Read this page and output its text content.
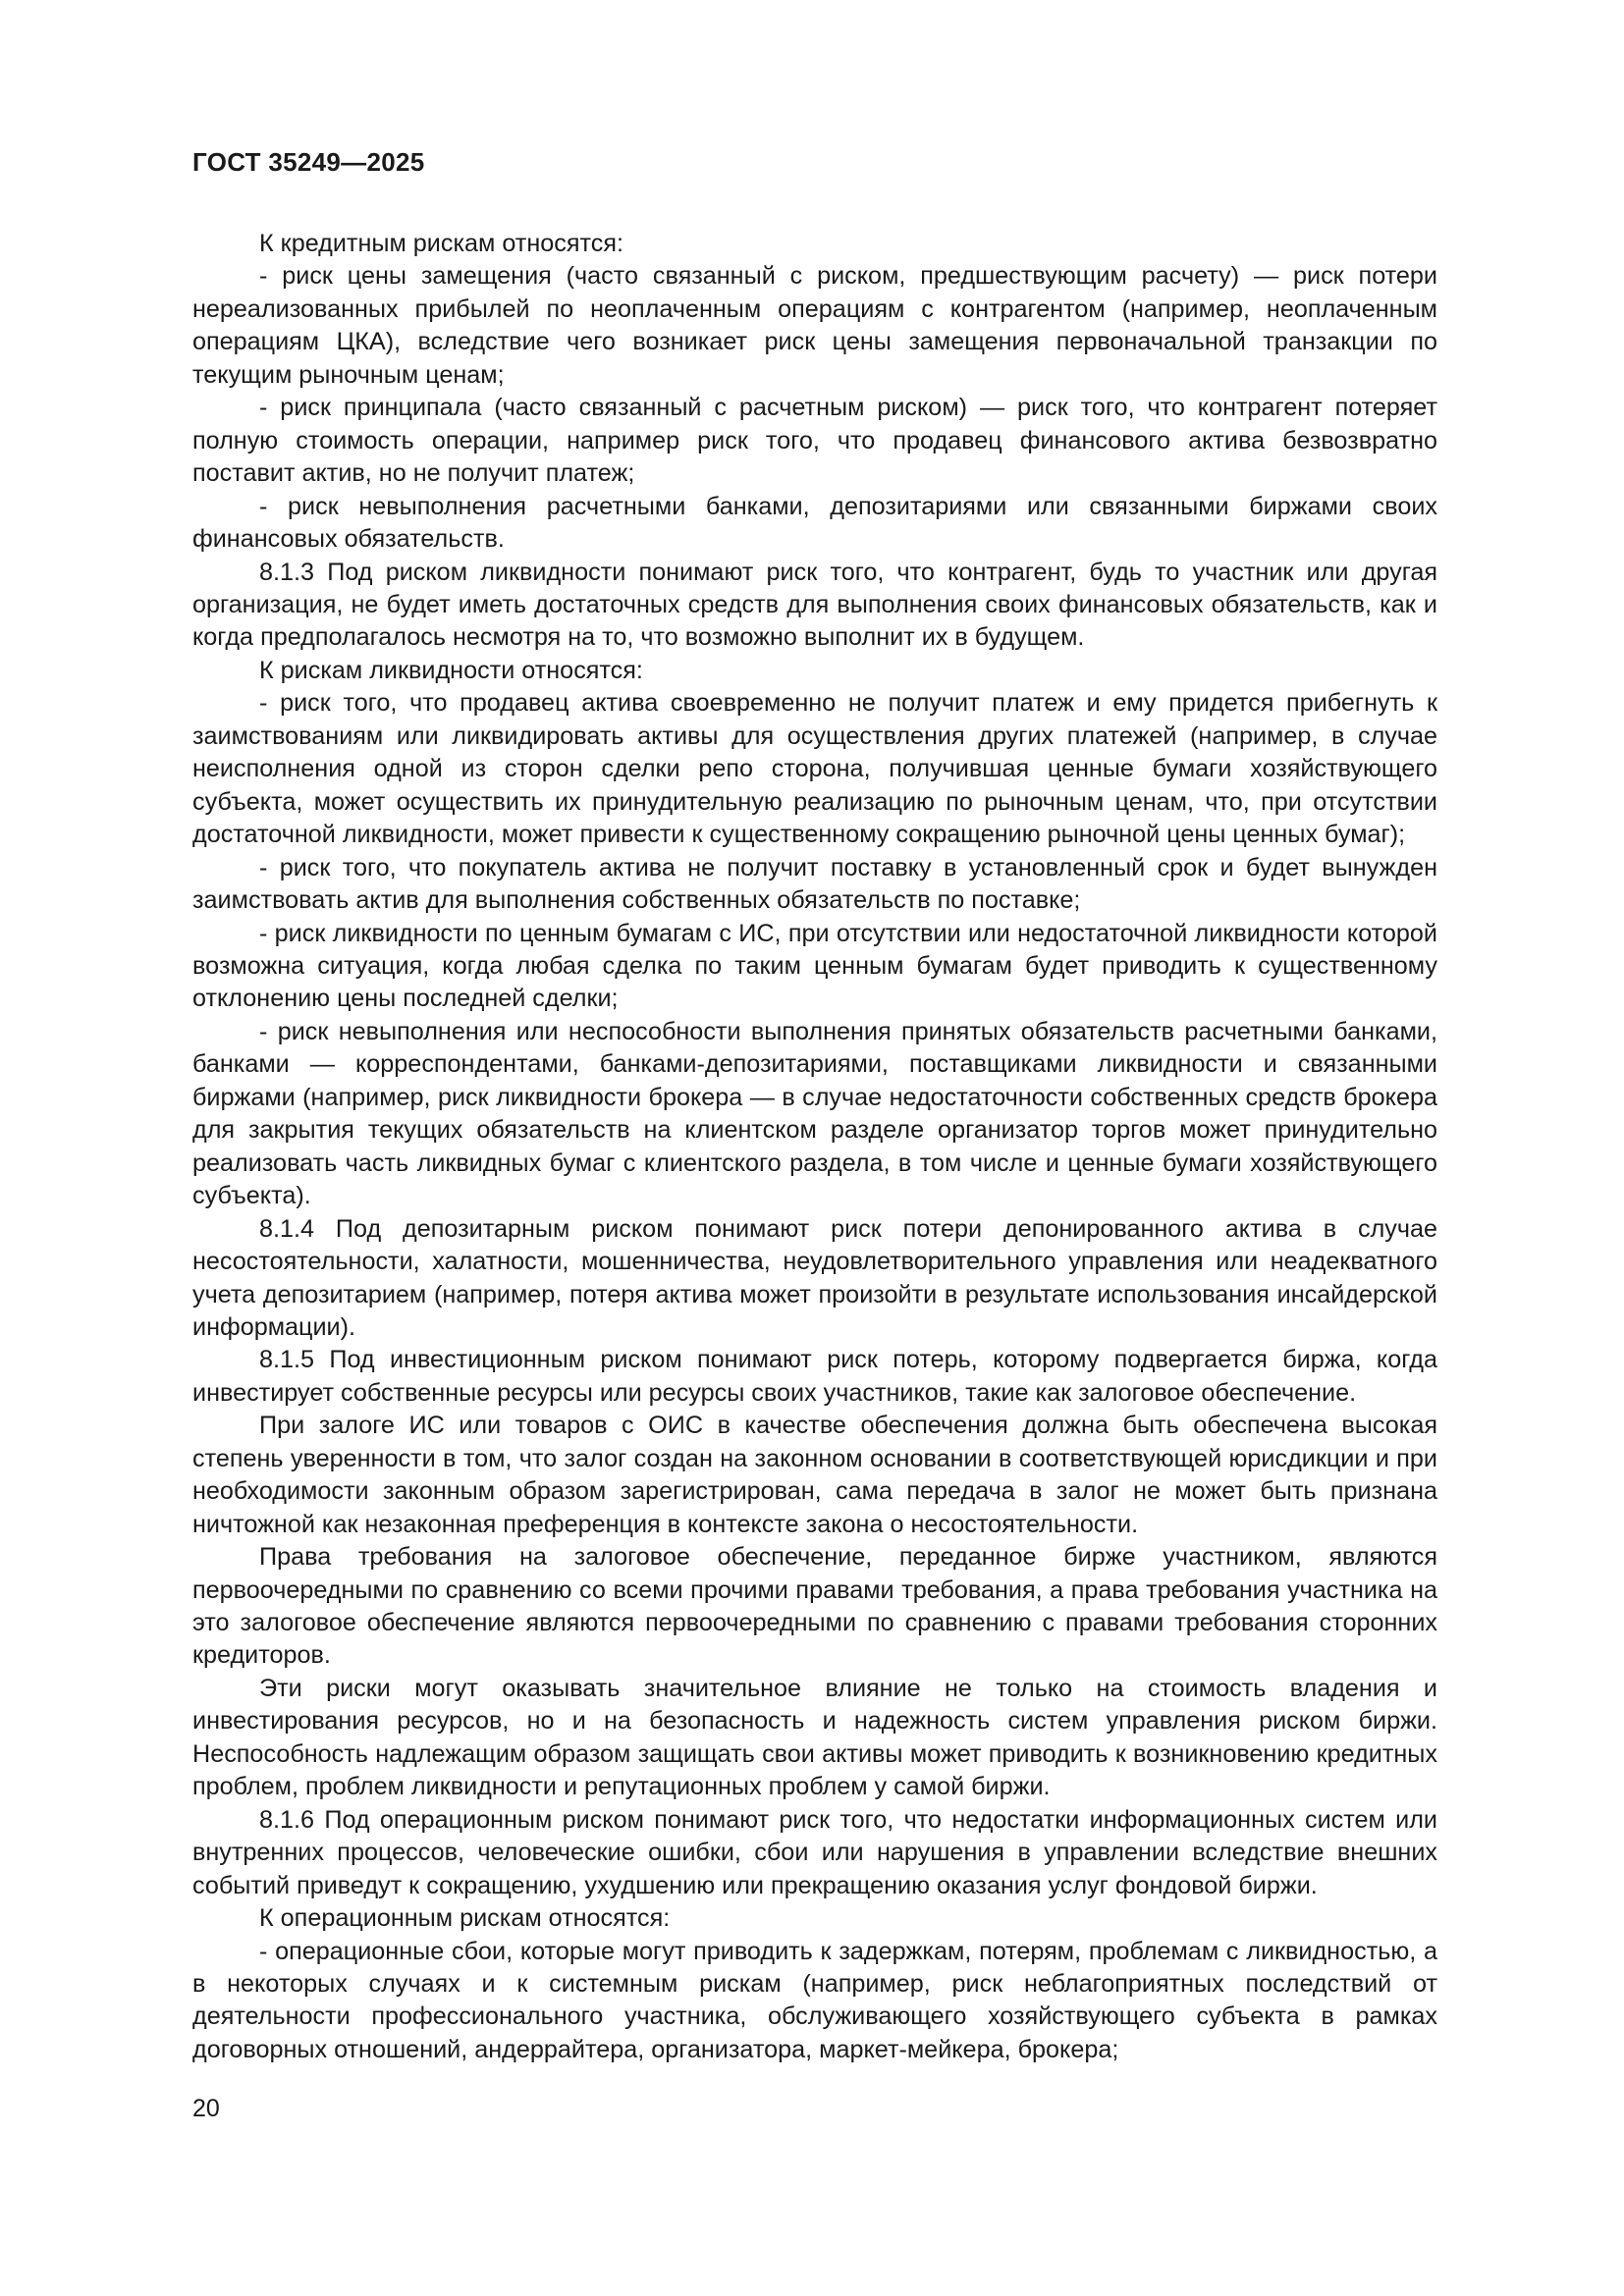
ГОСТ 35249—2025

К кредитным рискам относятся:

- риск цены замещения (часто связанный с риском, предшествующим расчету) — риск потери нереализованных прибылей по неоплаченным операциям с контрагентом (например, неоплаченным операциям ЦКА), вследствие чего возникает риск цены замещения первоначальной транзакции по текущим рыночным ценам;

- риск принципала (часто связанный с расчетным риском) — риск того, что контрагент потеряет полную стоимость операции, например риск того, что продавец финансового актива безвозвратно поставит актив, но не получит платеж;

- риск невыполнения расчетными банками, депозитариями или связанными биржами своих финансовых обязательств.

8.1.3 Под риском ликвидности понимают риск того, что контрагент, будь то участник или другая организация, не будет иметь достаточных средств для выполнения своих финансовых обязательств, как и когда предполагалось несмотря на то, что возможно выполнит их в будущем.

К рискам ликвидности относятся:

- риск того, что продавец актива своевременно не получит платеж и ему придется прибегнуть к заимствованиям или ликвидировать активы для осуществления других платежей (например, в случае неисполнения одной из сторон сделки репо сторона, получившая ценные бумаги хозяйствующего субъекта, может осуществить их принудительную реализацию по рыночным ценам, что, при отсутствии достаточной ликвидности, может привести к существенному сокращению рыночной цены ценных бумаг);

- риск того, что покупатель актива не получит поставку в установленный срок и будет вынужден заимствовать актив для выполнения собственных обязательств по поставке;

- риск ликвидности по ценным бумагам с ИС, при отсутствии или недостаточной ликвидности которой возможна ситуация, когда любая сделка по таким ценным бумагам будет приводить к существенному отклонению цены последней сделки;

- риск невыполнения или неспособности выполнения принятых обязательств расчетными банками, банками — корреспондентами, банками-депозитариями, поставщиками ликвидности и связанными биржами (например, риск ликвидности брокера — в случае недостаточности собственных средств брокера для закрытия текущих обязательств на клиентском разделе организатор торгов может принудительно реализовать часть ликвидных бумаг с клиентского раздела, в том числе и ценные бумаги хозяйствующего субъекта).

8.1.4 Под депозитарным риском понимают риск потери депонированного актива в случае несостоятельности, халатности, мошенничества, неудовлетворительного управления или неадекватного учета депозитарием (например, потеря актива может произойти в результате использования инсайдерской информации).

8.1.5 Под инвестиционным риском понимают риск потерь, которому подвергается биржа, когда инвестирует собственные ресурсы или ресурсы своих участников, такие как залоговое обеспечение.

При залоге ИС или товаров с ОИС в качестве обеспечения должна быть обеспечена высокая степень уверенности в том, что залог создан на законном основании в соответствующей юрисдикции и при необходимости законным образом зарегистрирован, сама передача в залог не может быть признана ничтожной как незаконная преференция в контексте закона о несостоятельности.

Права требования на залоговое обеспечение, переданное бирже участником, являются первоочередными по сравнению со всеми прочими правами требования, а права требования участника на это залоговое обеспечение являются первоочередными по сравнению с правами требования сторонних кредиторов.

Эти риски могут оказывать значительное влияние не только на стоимость владения и инвестирования ресурсов, но и на безопасность и надежность систем управления риском биржи. Неспособность надлежащим образом защищать свои активы может приводить к возникновению кредитных проблем, проблем ликвидности и репутационных проблем у самой биржи.

8.1.6 Под операционным риском понимают риск того, что недостатки информационных систем или внутренних процессов, человеческие ошибки, сбои или нарушения в управлении вследствие внешних событий приведут к сокращению, ухудшению или прекращению оказания услуг фондовой биржи.

К операционным рискам относятся:

- операционные сбои, которые могут приводить к задержкам, потерям, проблемам с ликвидностью, а в некоторых случаях и к системным рискам (например, риск неблагоприятных последствий от деятельности профессионального участника, обслуживающего хозяйствующего субъекта в рамках договорных отношений, андеррайтера, организатора, маркет-мейкера, брокера;

20
